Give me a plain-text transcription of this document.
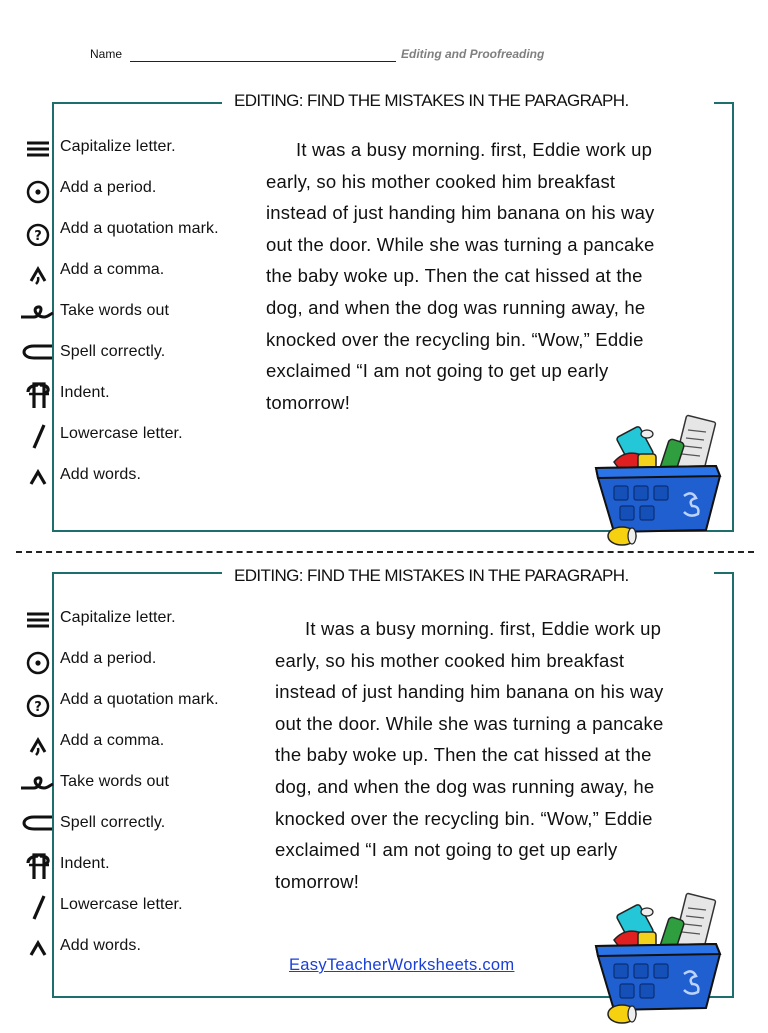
Name	Editing and Proofreading
EDITING: FIND THE MISTAKES IN THE PARAGRAPH.
Capitalize letter.
Add a period.
? Add a quotation mark.
Add a comma.
Take words out
Spell correctly.
Indent.
Lowercase letter.
Add words.

It was a busy morning. first, Eddie work up early, so his mother cooked him breakfast instead of just handing him banana on his way out the door. While she was turning a pancake the baby woke up. Then the cat hissed at the dog, and when the dog was running away, he knocked over the recycling bin. “Wow,” Eddie exclaimed “I am not going to get up early tomorrow!

EDITING: FIND THE MISTAKES IN THE PARAGRAPH.
Capitalize letter.
Add a period.
? Add a quotation mark.
Add a comma.
Take words out
Spell correctly.
Indent.
Lowercase letter.
Add words.

It was a busy morning. first, Eddie work up early, so his mother cooked him breakfast instead of just handing him banana on his way out the door. While she was turning a pancake the baby woke up. Then the cat hissed at the dog, and when the dog was running away, he knocked over the recycling bin. “Wow,” Eddie exclaimed “I am not going to get up early tomorrow!

EasyTeacherWorksheets.com
